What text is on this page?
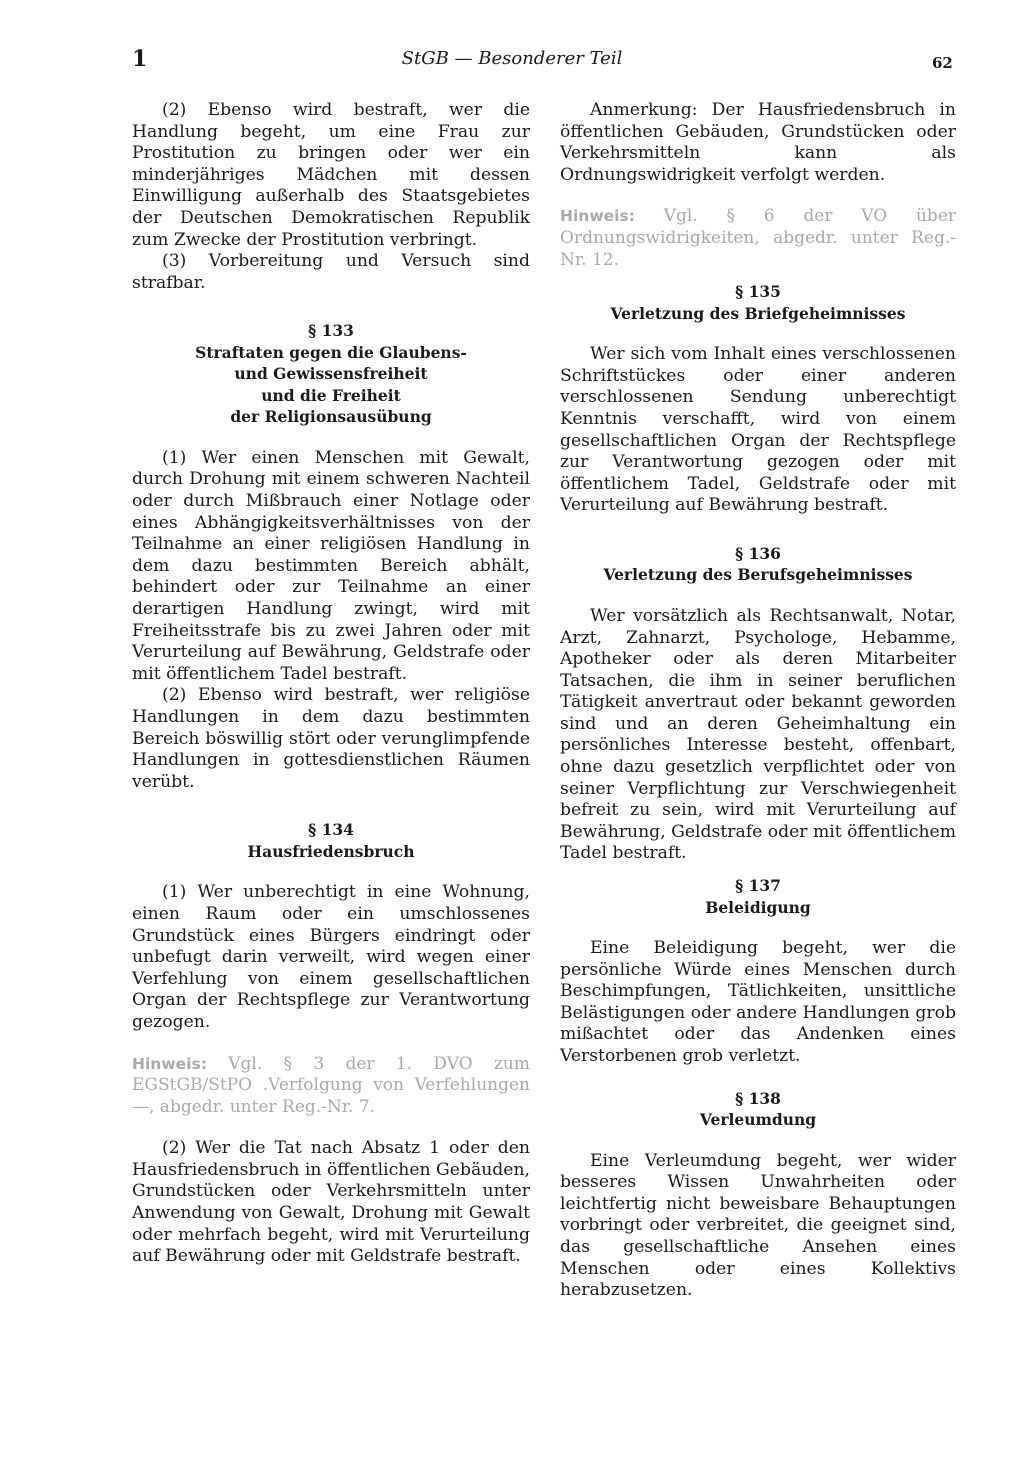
1	StGB — Besonderer Teil	62

(2) Ebenso wird bestraft, wer die Handlung begeht, um eine Frau zur Prostitution zu bringen oder wer ein minderjähriges Mädchen mit dessen Einwilligung außerhalb des Staatsgebietes der Deutschen Demokratischen Republik zum Zwecke der Prostitution verbringt.

(3) Vorbereitung und Versuch sind strafbar.

§ 133
Straftaten gegen die Glaubens-
und Gewissensfreiheit
und die Freiheit
der Religionsausübung

(1) Wer einen Menschen mit Gewalt, durch Drohung mit einem schweren Nachteil oder durch Mißbrauch einer Notlage oder eines Abhängigkeitsverhältnisses von der Teilnahme an einer religiösen Handlung in dem dazu bestimmten Bereich abhält, behindert oder zur Teilnahme an einer derartigen Handlung zwingt, wird mit Freiheitsstrafe bis zu zwei Jahren oder mit Verurteilung auf Bewährung, Geldstrafe oder mit öffentlichem Tadel bestraft.

(2) Ebenso wird bestraft, wer religiöse Handlungen in dem dazu bestimmten Bereich böswillig stört oder verunglimpfende Handlungen in gottesdienstlichen Räumen verübt.

§ 134
Hausfriedensbruch

(1) Wer unberechtigt in eine Wohnung, einen Raum oder ein umschlossenes Grundstück eines Bürgers eindringt oder unbefugt darin verweilt, wird wegen einer Verfehlung von einem gesellschaftlichen Organ der Rechtspflege zur Verantwortung gezogen.

Hinweis: Vgl. § 3 der 1. DVO zum EGStGB/StPO .Verfolgung von Verfehlungen —, abgedr. unter Reg.-Nr. 7.

(2) Wer die Tat nach Absatz 1 oder den Hausfriedensbruch in öffentlichen Gebäuden, Grundstücken oder Verkehrsmitteln unter Anwendung von Gewalt, Drohung mit Gewalt oder mehrfach begeht, wird mit Verurteilung auf Bewährung oder mit Geldstrafe bestraft.

Anmerkung: Der Hausfriedensbruch in öffentlichen Gebäuden, Grundstücken oder Verkehrsmitteln kann als Ordnungswidrigkeit verfolgt werden.

Hinweis: Vgl. § 6 der VO über Ordnungswidrigkeiten, abgedr. unter Reg.-Nr. 12.

§ 135
Verletzung des Briefgeheimnisses

Wer sich vom Inhalt eines verschlossenen Schriftstückes oder einer anderen verschlossenen Sendung unberechtigt Kenntnis verschafft, wird von einem gesellschaftlichen Organ der Rechtspflege zur Verantwortung gezogen oder mit öffentlichem Tadel, Geldstrafe oder mit Verurteilung auf Bewährung bestraft.

§ 136
Verletzung des Berufsgeheimnisses

Wer vorsätzlich als Rechtsanwalt, Notar, Arzt, Zahnarzt, Psychologe, Hebamme, Apotheker oder als deren Mitarbeiter Tatsachen, die ihm in seiner beruflichen Tätigkeit anvertraut oder bekannt geworden sind und an deren Geheimhaltung ein persönliches Interesse besteht, offenbart, ohne dazu gesetzlich verpflichtet oder von seiner Verpflichtung zur Verschwiegenheit befreit zu sein, wird mit Verurteilung auf Bewährung, Geldstrafe oder mit öffentlichem Tadel bestraft.

§ 137
Beleidigung

Eine Beleidigung begeht, wer die persönliche Würde eines Menschen durch Beschimpfungen, Tätlichkeiten, unsittliche Belästigungen oder andere Handlungen grob mißachtet oder das Andenken eines Verstorbenen grob verletzt.

§ 138
Verleumdung

Eine Verleumdung begeht, wer wider besseres Wissen Unwahrheiten oder leichtfertig nicht beweisbare Behauptungen vorbringt oder verbreitet, die geeignet sind, das gesellschaftliche Ansehen eines Menschen oder eines Kollektivs herabzusetzen.
